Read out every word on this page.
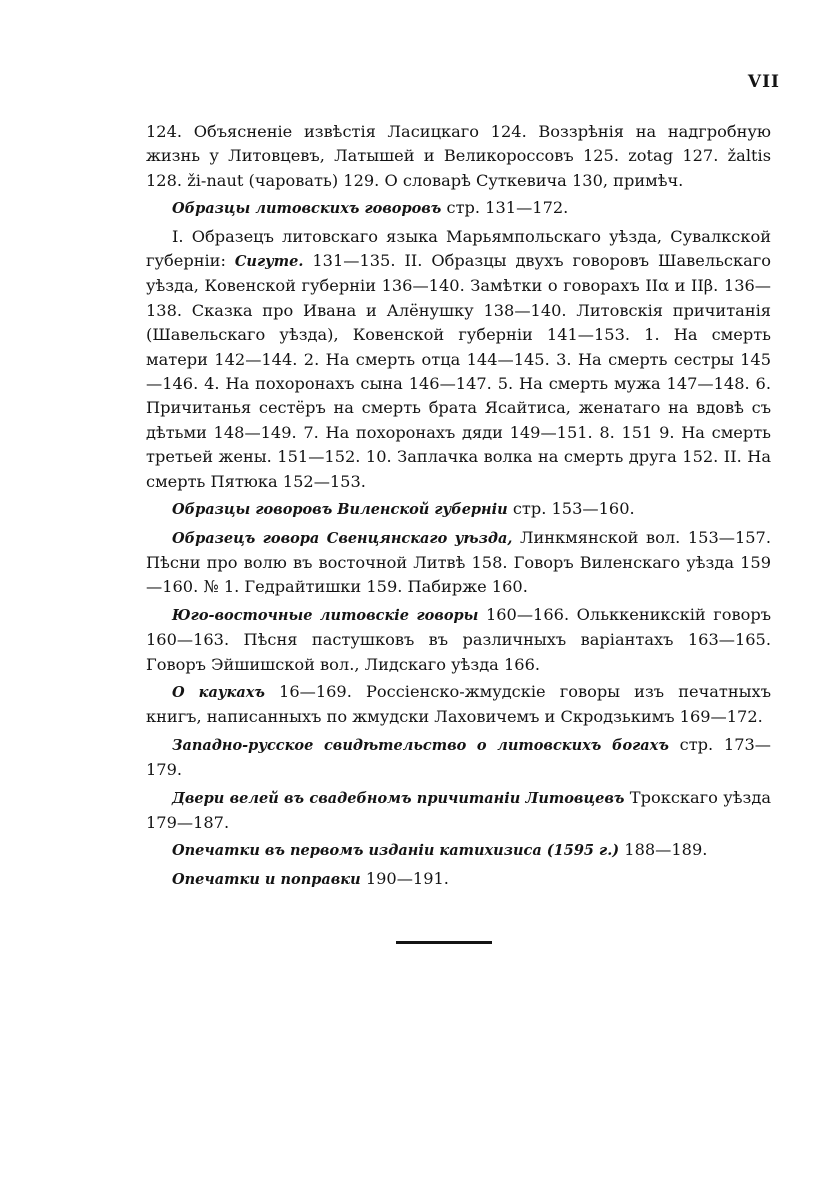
VII

124. Объясненіе извѣстія Ласицкаго 124. Воззрѣнія на надгробную жизнь у Литовцевъ, Латышей и Великороссовъ 125. zotag 127. žaltis 128. ži-naut (чаровать) 129. О словарѣ Суткевича 130, примѣч.

Образцы литовскихъ говоровъ стр. 131—172.

I. Образецъ литовскаго языка Марьямпольскаго уѣзда, Сувалкской губерніи: Сигуте. 131—135. II. Образцы двухъ говоровъ Шавельскаго уѣзда, Ковенской губерніи 136—140. Замѣтки о говорахъ IIα и IIβ. 136—138. Сказка про Ивана и Алёнушку 138—140. Литовскія причитанія (Шавельскаго уѣзда), Ковенской губерніи 141—153. 1. На смерть матери 142—144. 2. На смерть отца 144—145. 3. На смерть сестры 145—146. 4. На похоронахъ сына 146—147. 5. На смерть мужа 147—148. 6. Причитанья сестёръ на смерть брата Ясайтиса, женатаго на вдовѣ съ дѣтьми 148—149. 7. На похоронахъ дяди 149—151. 8. 151 9. На смерть третьей жены. 151—152. 10. Заплачка волка на смерть друга 152. II. На смерть Пятюка 152—153.

Образцы говоровъ Виленской губерніи стр. 153—160.

Образецъ говора Свенцянскаго уѣзда, Линкмянской вол. 153—157. Пѣсни про волю въ восточной Литвѣ 158. Говоръ Виленскаго уѣзда 159—160. № 1. Гедрайтишки 159. Пабирже 160.

Юго-восточные литовскіе говоры 160—166. Ольккеникскій говоръ 160—163. Пѣсня пастушковъ въ различныхъ варіантахъ 163—165. Говоръ Эйшишской вол., Лидскаго уѣзда 166.

О каукахъ 16—169. Россіенско-жмудскіе говоры изъ печатныхъ книгъ, написанныхъ по жмудски Лаховичемъ и Скродзькимъ 169—172.

Западно-русское свидѣтельство о литовскихъ богахъ стр. 173—179.

Двери велей въ свадебномъ причитаніи Литовцевъ Трокскаго уѣзда 179—187.

Опечатки въ первомъ изданіи катихизиса (1595 г.) 188—189.

Опечатки и поправки 190—191.
